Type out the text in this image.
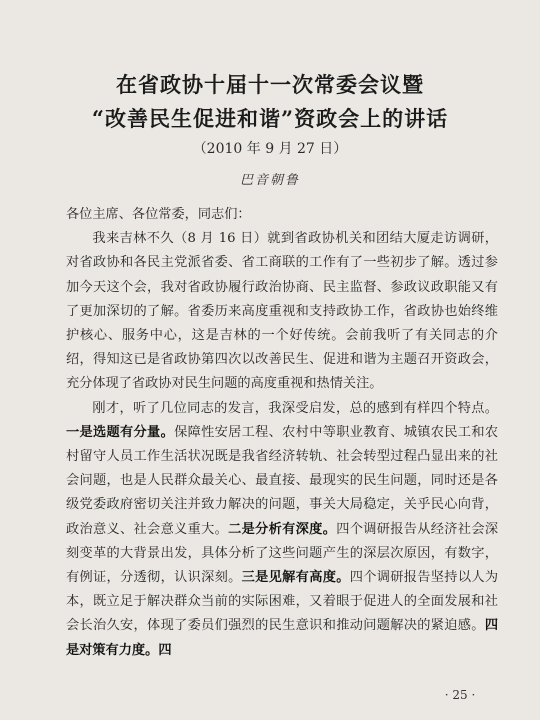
在省政协十届十一次常委会议暨
“改善民生促进和谐”资政会上的讲话
（2010 年 9 月 27 日）
巴音朝鲁

各位主席、各位常委，同志们：

我来吉林不久（8 月 16 日）就到省政协机关和团结大厦走访调研，对省政协和各民主党派省委、省工商联的工作有了一些初步了解。透过参加今天这个会，我对省政协履行政治协商、民主监督、参政议政职能又有了更加深切的了解。省委历来高度重视和支持政协工作，省政协也始终维护核心、服务中心，这是吉林的一个好传统。会前我听了有关同志的介绍，得知这已是省政协第四次以改善民生、促进和谐为主题召开资政会，充分体现了省政协对民生问题的高度重视和热情关注。

刚才，听了几位同志的发言，我深受启发，总的感到有样四个特点。一是选题有分量。保障性安居工程、农村中等职业教育、城镇农民工和农村留守人员工作生活状况既是我省经济转轨、社会转型过程凸显出来的社会问题，也是人民群众最关心、最直接、最现实的民生问题，同时还是各级党委政府密切关注并致力解决的问题，事关大局稳定，关乎民心向背，政治意义、社会意义重大。二是分析有深度。四个调研报告从经济社会深刻变革的大背景出发，具体分析了这些问题产生的深层次原因，有数字，有例证，分透彻，认识深刻。三是见解有高度。四个调研报告坚持以人为本，既立足于解决群众当前的实际困难，又着眼于促进人的全面发展和社会长治久安，体现了委员们强烈的民生意识和推动问题解决的紧迫感。四是对策有力度。四

· 25 ·
